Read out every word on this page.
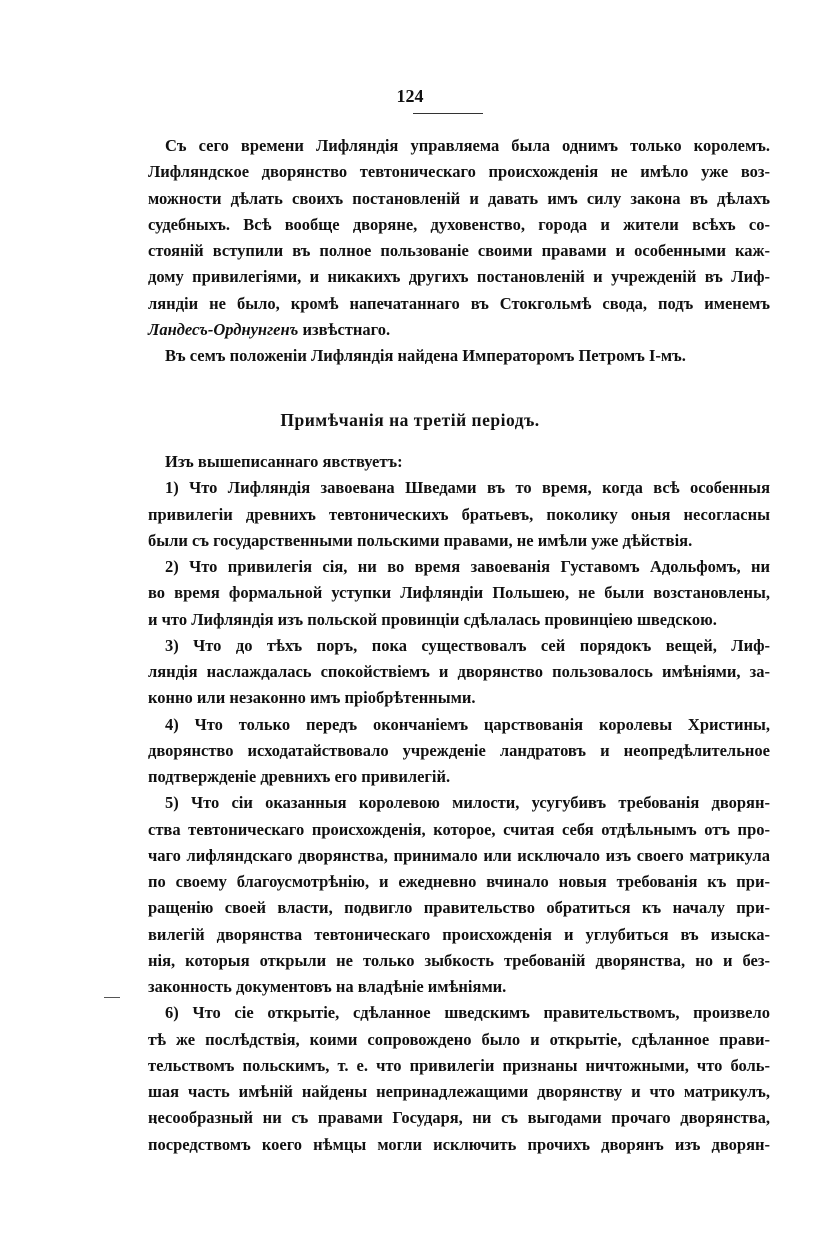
124
Примѣчанія на третій періодъ.
Съ сего времени Лифляндія управляема была однимъ только королемъ.
Лифляндское дворянство тевтоническаго происхожденія не имѣло уже воз-
можности дѣлать своихъ постановленій и давать имъ силу закона въ дѣлахъ
судебныхъ. Всѣ вообще дворяне, духовенство, города и жители всѣхъ со-
стояній вступили въ полное пользованіе своими правами и особенными каж-
дому привилегіями, и никакихъ другихъ постановленій и учрежденій въ Лиф-
ляндіи не было, кромѣ напечатаннаго въ Стокгольмѣ свода, подъ именемъ
Ландесъ-Орднунгенъ извѣстнаго.
Въ семъ положеніи Лифляндія найдена Императоромъ Петромъ I-мъ.
Изъ вышеписаннаго явствуетъ:
1) Что Лифляндія завоевана Шведами въ то время, когда всѣ особенныя
привилегіи древнихъ тевтоническихъ братьевъ, поколику оныя несогласны
были съ государственными польскими правами, не имѣли уже дѣйствія.
2) Что привилегія сія, ни во время завоеванія Густавомъ Адольфомъ, ни
во время формальной уступки Лифляндіи Польшею, не были возстановлены,
и что Лифляндія изъ польской провинціи сдѣлалась провинціею шведскою.
3) Что до тѣхъ поръ, пока существовалъ сей порядокъ вещей, Лиф-
ляндія наслаждалась спокойствіемъ и дворянство пользовалось имѣніями, за-
конно или незаконно имъ пріобрѣтенными.
4) Что только передъ окончаніемъ царствованія королевы Христины,
дворянство исходатайствовало учрежденіе ландратовъ и неопредѣлительное
подтвержденіе древнихъ его привилегій.
5) Что сіи оказанныя королевою милости, усугубивъ требованія дворян-
ства тевтоническаго происхожденія, которое, считая себя отдѣльнымъ отъ про-
чаго лифляндскаго дворянства, принимало или исключало изъ своего матрикула
по своему благоусмотрѣнію, и ежедневно вчинало новыя требованія къ при-
ращенію своей власти, подвигло правительство обратиться къ началу при-
вилегій дворянства тевтоническаго происхожденія и углубиться въ изыска-
нія, которыя открыли не только зыбкость требованій дворянства, но и без-
законность документовъ на владѣніе имѣніями.
6) Что сіе открытіе, сдѣланное шведскимъ правительствомъ, произвело
тѣ же послѣдствія, коими сопровождено было и открытіе, сдѣланное прави-
тельствомъ польскимъ, т. е. что привилегіи признаны ничтожными, что боль-
шая часть имѣній найдены непринадлежащими дворянству и что матрикулъ,
несообразный ни съ правами Государя, ни съ выгодами прочаго дворянства,
посредствомъ коего нѣмцы могли исключить прочихъ дворянъ изъ дворян-
